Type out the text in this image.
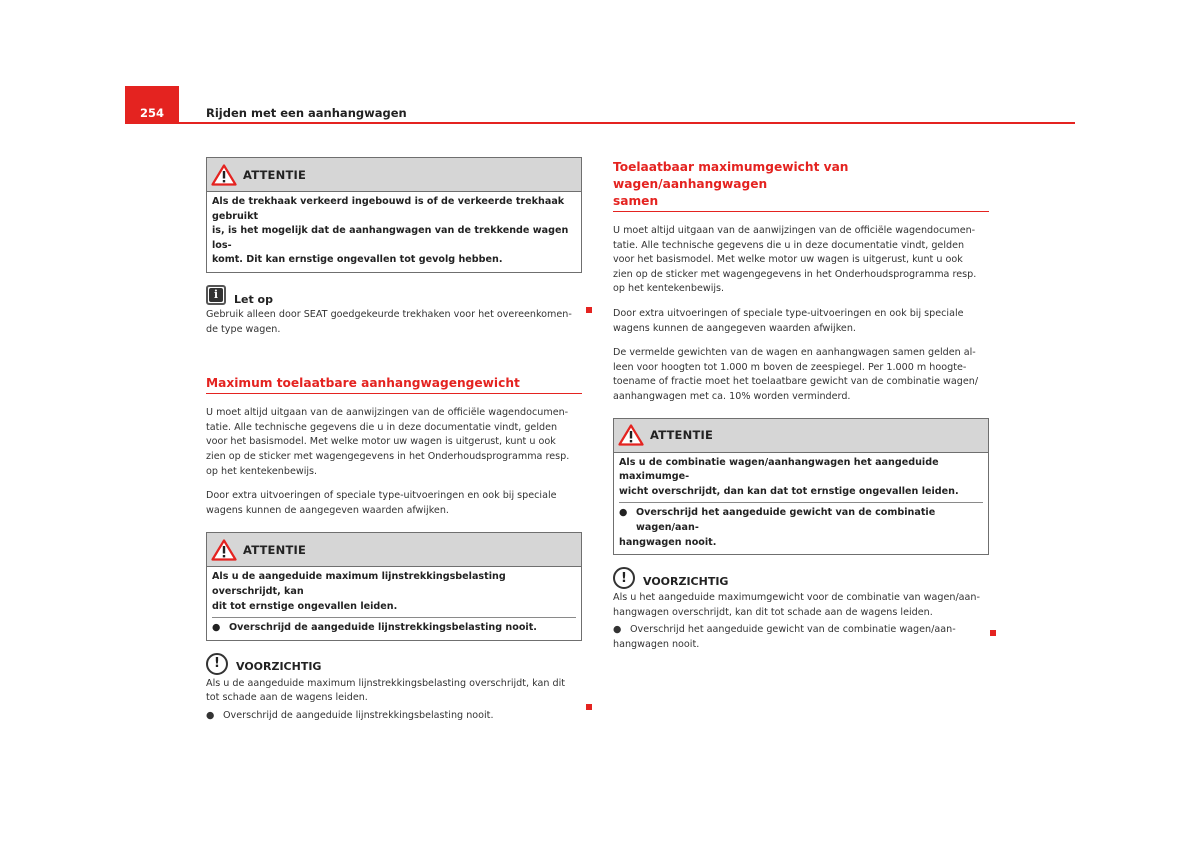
254	Rijden met een aanhangwagen
ATTENTIE
Als de trekhaak verkeerd ingebouwd is of de verkeerde trekhaak gebruikt
is, is het mogelijk dat de aanhangwagen van de trekkende wagen los-
komt. Dit kan ernstige ongevallen tot gevolg hebben.
i	Let op
Gebruik alleen door SEAT goedgekeurde trekhaken voor het overeenkomen-
de type wagen.
Maximum toelaatbare aanhangwagengewicht
U moet altijd uitgaan van de aanwijzingen van de officiële wagendocumen-
tatie. Alle technische gegevens die u in deze documentatie vindt, gelden
voor het basismodel. Met welke motor uw wagen is uitgerust, kunt u ook
zien op de sticker met wagengegevens in het Onderhoudsprogramma resp.
op het kentekenbewijs.
Door extra uitvoeringen of speciale type-uitvoeringen en ook bij speciale
wagens kunnen de aangegeven waarden afwijken.
ATTENTIE
Als u de aangeduide maximum lijnstrekkingsbelasting overschrijdt, kan
dit tot ernstige ongevallen leiden.
● Overschrijd de aangeduide lijnstrekkingsbelasting nooit.
!	VOORZICHTIG
Als u de aangeduide maximum lijnstrekkingsbelasting overschrijdt, kan dit
tot schade aan de wagens leiden.
● Overschrijd de aangeduide lijnstrekkingsbelasting nooit.
Toelaatbaar maximumgewicht van wagen/aanhangwagen
samen
U moet altijd uitgaan van de aanwijzingen van de officiële wagendocumen-
tatie. Alle technische gegevens die u in deze documentatie vindt, gelden
voor het basismodel. Met welke motor uw wagen is uitgerust, kunt u ook
zien op de sticker met wagengegevens in het Onderhoudsprogramma resp.
op het kentekenbewijs.
Door extra uitvoeringen of speciale type-uitvoeringen en ook bij speciale
wagens kunnen de aangegeven waarden afwijken.
De vermelde gewichten van de wagen en aanhangwagen samen gelden al-
leen voor hoogten tot 1.000 m boven de zeespiegel. Per 1.000 m hoogte-
toename of fractie moet het toelaatbare gewicht van de combinatie wagen/
aanhangwagen met ca. 10% worden verminderd.
ATTENTIE
Als u de combinatie wagen/aanhangwagen het aangeduide maximumge-
wicht overschrijdt, dan kan dat tot ernstige ongevallen leiden.
● Overschrijd het aangeduide gewicht van de combinatie wagen/aan-
hangwagen nooit.
!	VOORZICHTIG
Als u het aangeduide maximumgewicht voor de combinatie van wagen/aan-
hangwagen overschrijdt, kan dit tot schade aan de wagens leiden.
● Overschrijd het aangeduide gewicht van de combinatie wagen/aan-
hangwagen nooit.
